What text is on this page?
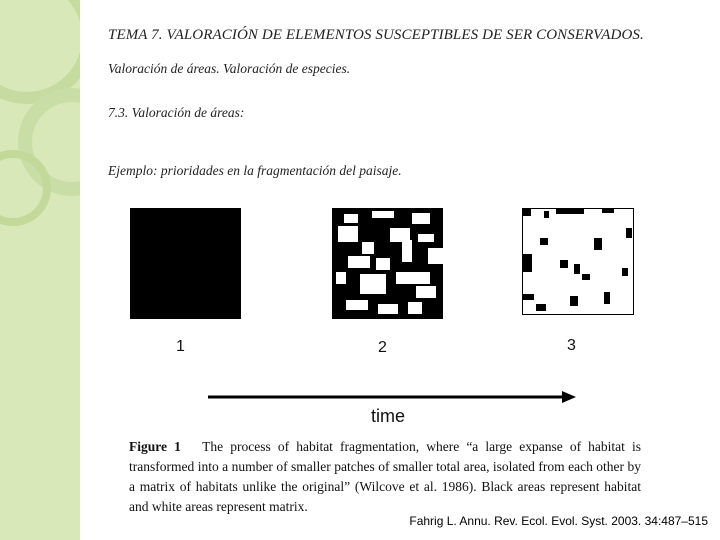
TEMA 7. VALORACIÓN DE ELEMENTOS SUSCEPTIBLES DE SER CONSERVADOS.
Valoración de áreas. Valoración de especies.
7.3. Valoración de áreas:
Ejemplo: prioridades en la fragmentación del paisaje.
1	2	3
time
Figure 1 The process of habitat fragmentation, where “a large expanse of habitat is transformed into a number of smaller patches of smaller total area, isolated from each other by a matrix of habitats unlike the original” (Wilcove et al. 1986). Black areas represent habitat and white areas represent matrix.
Fahrig L. Annu. Rev. Ecol. Evol. Syst. 2003. 34:487–515
